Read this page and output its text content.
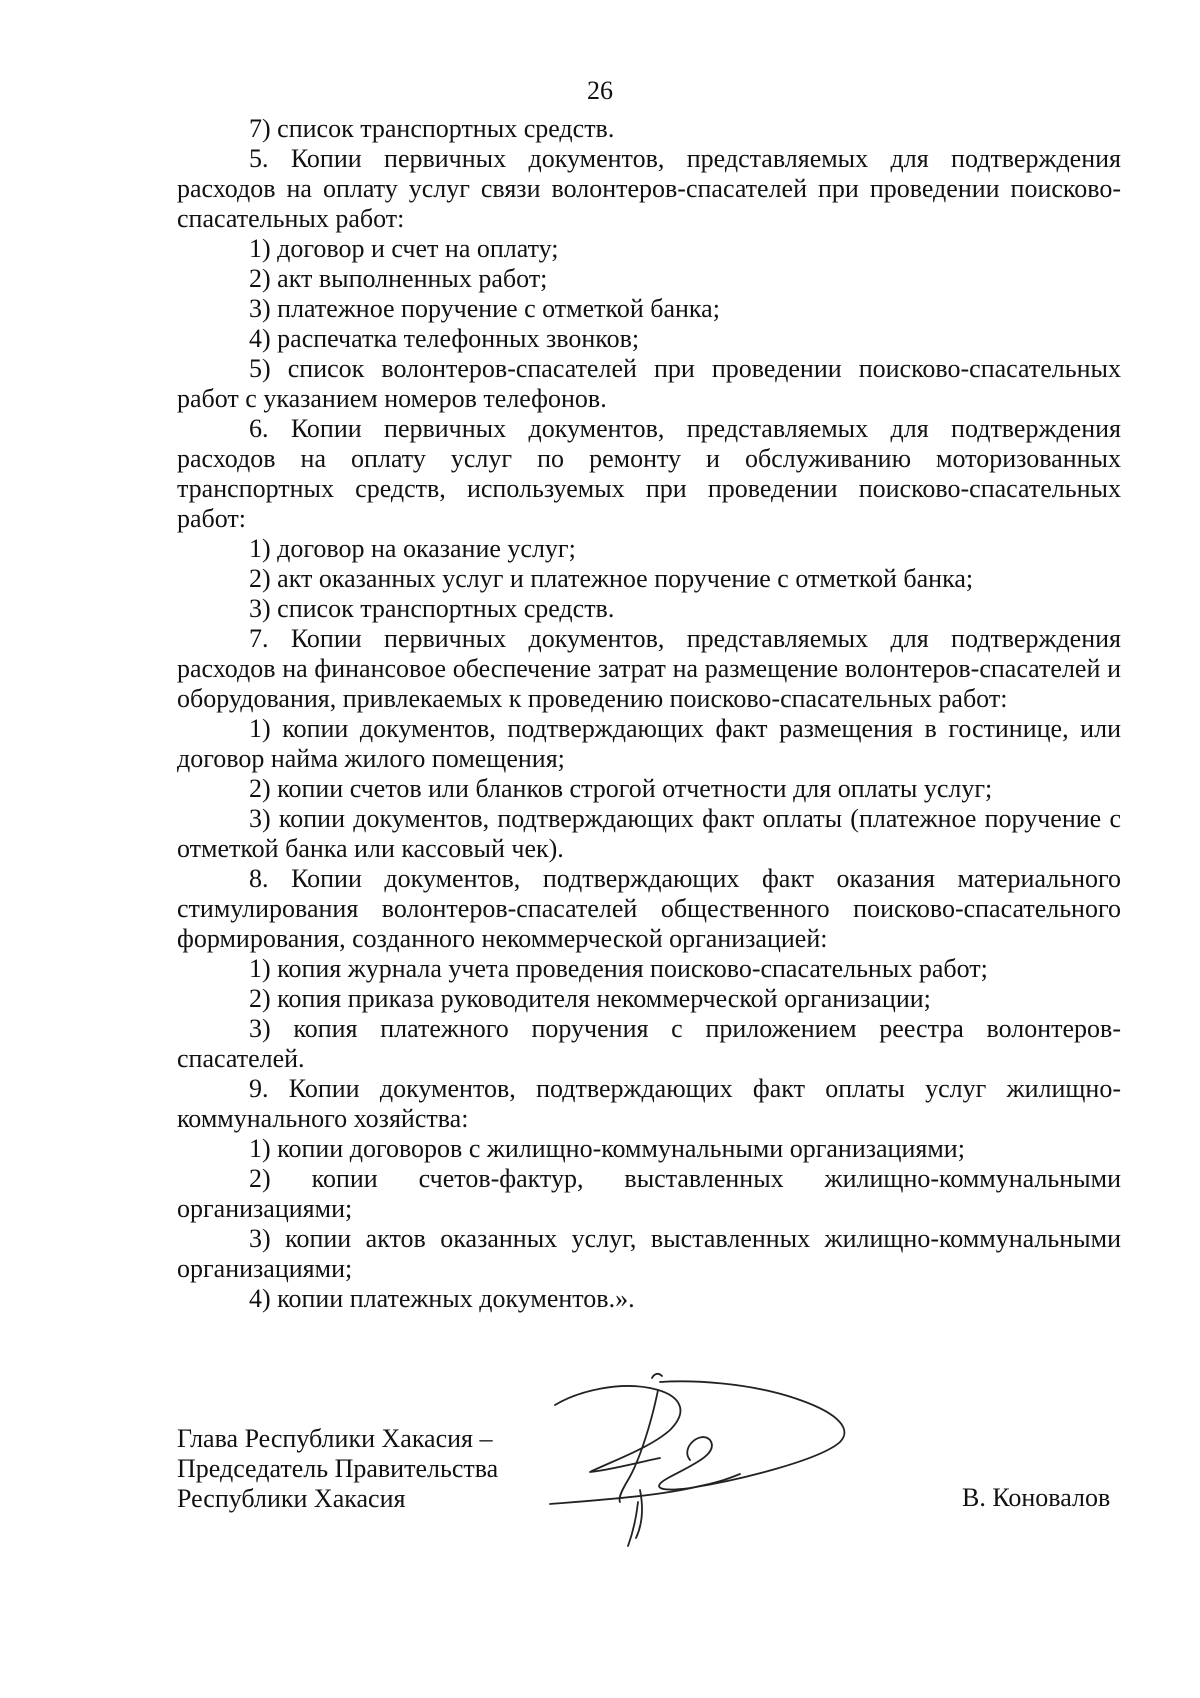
26

7) список транспортных средств.

5. Копии первичных документов, представляемых для подтверждения расходов на оплату услуг связи волонтеров-спасателей при проведении поисково-спасательных работ:

1) договор и счет на оплату;

2) акт выполненных работ;

3) платежное поручение с отметкой банка;

4) распечатка телефонных звонков;

5) список волонтеров-спасателей при проведении поисково-спасательных работ с указанием номеров телефонов.

6. Копии первичных документов, представляемых для подтверждения расходов на оплату услуг по ремонту и обслуживанию моторизованных транспортных средств, используемых при проведении поисково-спасательных работ:

1) договор на оказание услуг;

2) акт оказанных услуг и платежное поручение с отметкой банка;

3) список транспортных средств.

7. Копии первичных документов, представляемых для подтверждения расходов на финансовое обеспечение затрат на размещение волонтеров-спасателей и оборудования, привлекаемых к проведению поисково-спасательных работ:

1) копии документов, подтверждающих факт размещения в гостинице, или договор найма жилого помещения;

2) копии счетов или бланков строгой отчетности для оплаты услуг;

3) копии документов, подтверждающих факт оплаты (платежное поручение с отметкой банка или кассовый чек).

8. Копии документов, подтверждающих факт оказания материального стимулирования волонтеров-спасателей общественного поисково-спасательного формирования, созданного некоммерческой организацией:

1) копия журнала учета проведения поисково-спасательных работ;

2) копия приказа руководителя некоммерческой организации;

3) копия платежного поручения с приложением реестра волонтеров-спасателей.

9. Копии документов, подтверждающих факт оплаты услуг жилищно-коммунального хозяйства:

1) копии договоров с жилищно-коммунальными организациями;

2) копии счетов-фактур, выставленных жилищно-коммунальными организациями;

3) копии актов оказанных услуг, выставленных жилищно-коммунальными организациями;

4) копии платежных документов.».

Глава Республики Хакасия –
Председатель Правительства
Республики Хакасия	В. Коновалов
